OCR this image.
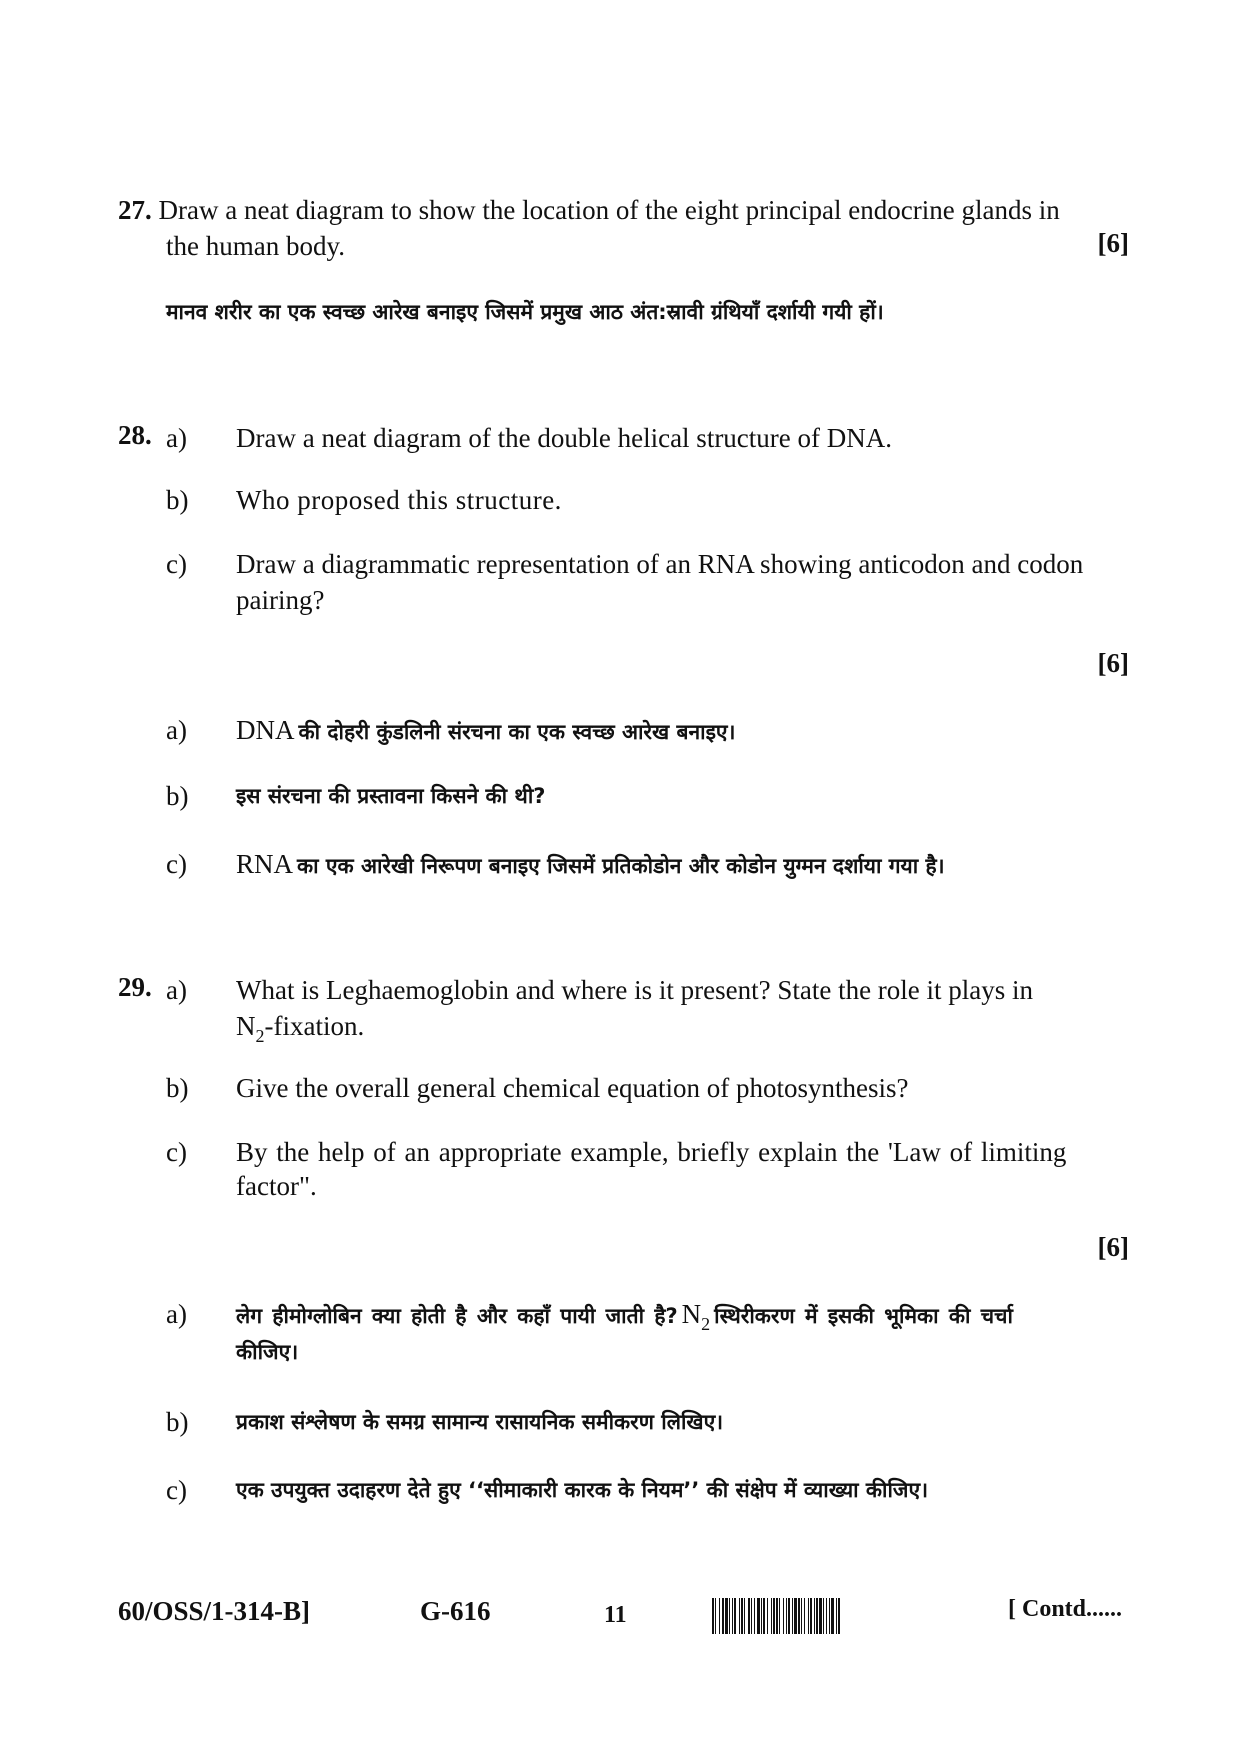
27. Draw a neat diagram to show the location of the eight principal endocrine glands in
the human body.	[6]
मानव शरीर का एक स्वच्छ आरेख बनाइए जिसमें प्रमुख आठ अंत:स्रावी ग्रंथियाँ दर्शायी गयी हों।
28. a) Draw a neat diagram of the double helical structure of DNA.
b) Who proposed this structure.
c) Draw a diagrammatic representation of an RNA showing anticodon and codon
pairing?
[6]
a) DNA की दोहरी कुंडलिनी संरचना का एक स्वच्छ आरेख बनाइए।
b) इस संरचना की प्रस्तावना किसने की थी?
c) RNA का एक आरेखी निरूपण बनाइए जिसमें प्रतिकोडोन और कोडोन युग्मन दर्शाया गया है।
29. a) What is Leghaemoglobin and where is it present? State the role it plays in
$N_2$-fixation.
b) Give the overall general chemical equation of photosynthesis?
c) By the help of an appropriate example, briefly explain the 'Law of limiting
factor".
[6]
a) लेग हीमोग्लोबिन क्या होती है और कहाँ पायी जाती है? N2 स्थिरीकरण में इसकी भूमिका की चर्चा
कीजिए।
b) प्रकाश संश्लेषण के समग्र सामान्य रासायनिक समीकरण लिखिए।
c) एक उपयुक्त उदाहरण देते हुए ‘‘सीमाकारी कारक के नियम’’ की संक्षेप में व्याख्या कीजिए।
60/OSS/1-314-B]	G-616	11	[ Contd......
